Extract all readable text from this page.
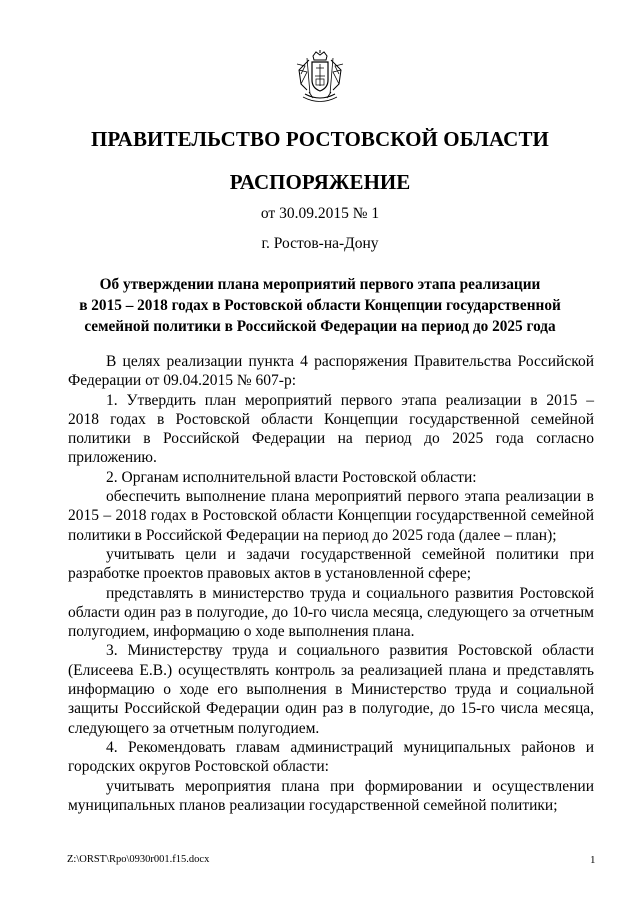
ПРАВИТЕЛЬСТВО РОСТОВСКОЙ ОБЛАСТИ
РАСПОРЯЖЕНИЕ
от 30.09.2015 № 1
г. Ростов-на-Дону
Об утверждении плана мероприятий первого этапа реализации
в 2015 – 2018 годах в Ростовской области Концепции государственной
семейной политики в Российской Федерации на период до 2025 года
В целях реализации пункта 4 распоряжения Правительства Российской
Федерации от 09.04.2015 № 607-р:
1. Утвердить план мероприятий первого этапа реализации в 2015 –
2018 годах в Ростовской области Концепции государственной семейной
политики в Российской Федерации на период до 2025 года согласно
приложению.
2. Органам исполнительной власти Ростовской области:
обеспечить выполнение плана мероприятий первого этапа реализации в
2015 – 2018 годах в Ростовской области Концепции государственной семейной
политики в Российской Федерации на период до 2025 года (далее – план);
учитывать цели и задачи государственной семейной политики при
разработке проектов правовых актов в установленной сфере;
представлять в министерство труда и социального развития Ростовской
области один раз в полугодие, до 10-го числа месяца, следующего за отчетным
полугодием, информацию о ходе выполнения плана.
3. Министерству труда и социального развития Ростовской области
(Елисеева Е.В.) осуществлять контроль за реализацией плана и представлять
информацию о ходе его выполнения в Министерство труда и социальной
защиты Российской Федерации один раз в полугодие, до 15-го числа месяца,
следующего за отчетным полугодием.
4. Рекомендовать главам администраций муниципальных районов и
городских округов Ростовской области:
учитывать мероприятия плана при формировании и осуществлении
муниципальных планов реализации государственной семейной политики;
Z:\ORST\Rpo\0930r001.f15.docx	1
